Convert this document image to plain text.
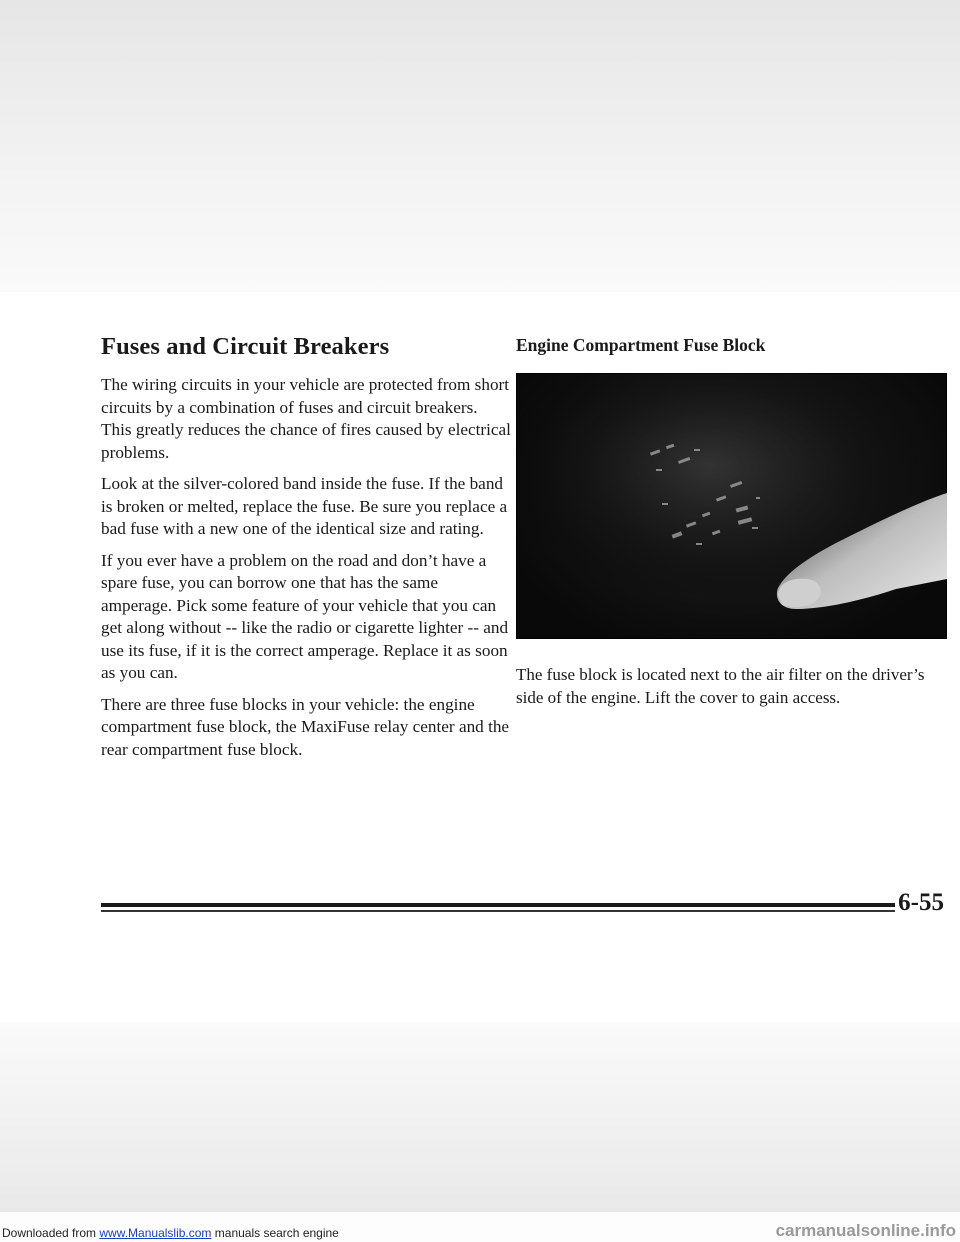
Fuses and Circuit Breakers

The wiring circuits in your vehicle are protected from short circuits by a combination of fuses and circuit breakers. This greatly reduces the chance of fires caused by electrical problems.

Look at the silver-colored band inside the fuse. If the band is broken or melted, replace the fuse. Be sure you replace a bad fuse with a new one of the identical size and rating.

If you ever have a problem on the road and don’t have a spare fuse, you can borrow one that has the same amperage. Pick some feature of your vehicle that you can get along without -- like the radio or cigarette lighter -- and use its fuse, if it is the correct amperage. Replace it as soon as you can.

There are three fuse blocks in your vehicle: the engine compartment fuse block, the MaxiFuse relay center and the rear compartment fuse block.

Engine Compartment Fuse Block

The fuse block is located next to the air filter on the driver’s side of the engine. Lift the cover to gain access.

6-55
Downloaded from www.Manualslib.com manuals search engine	carmanualsonline.info
